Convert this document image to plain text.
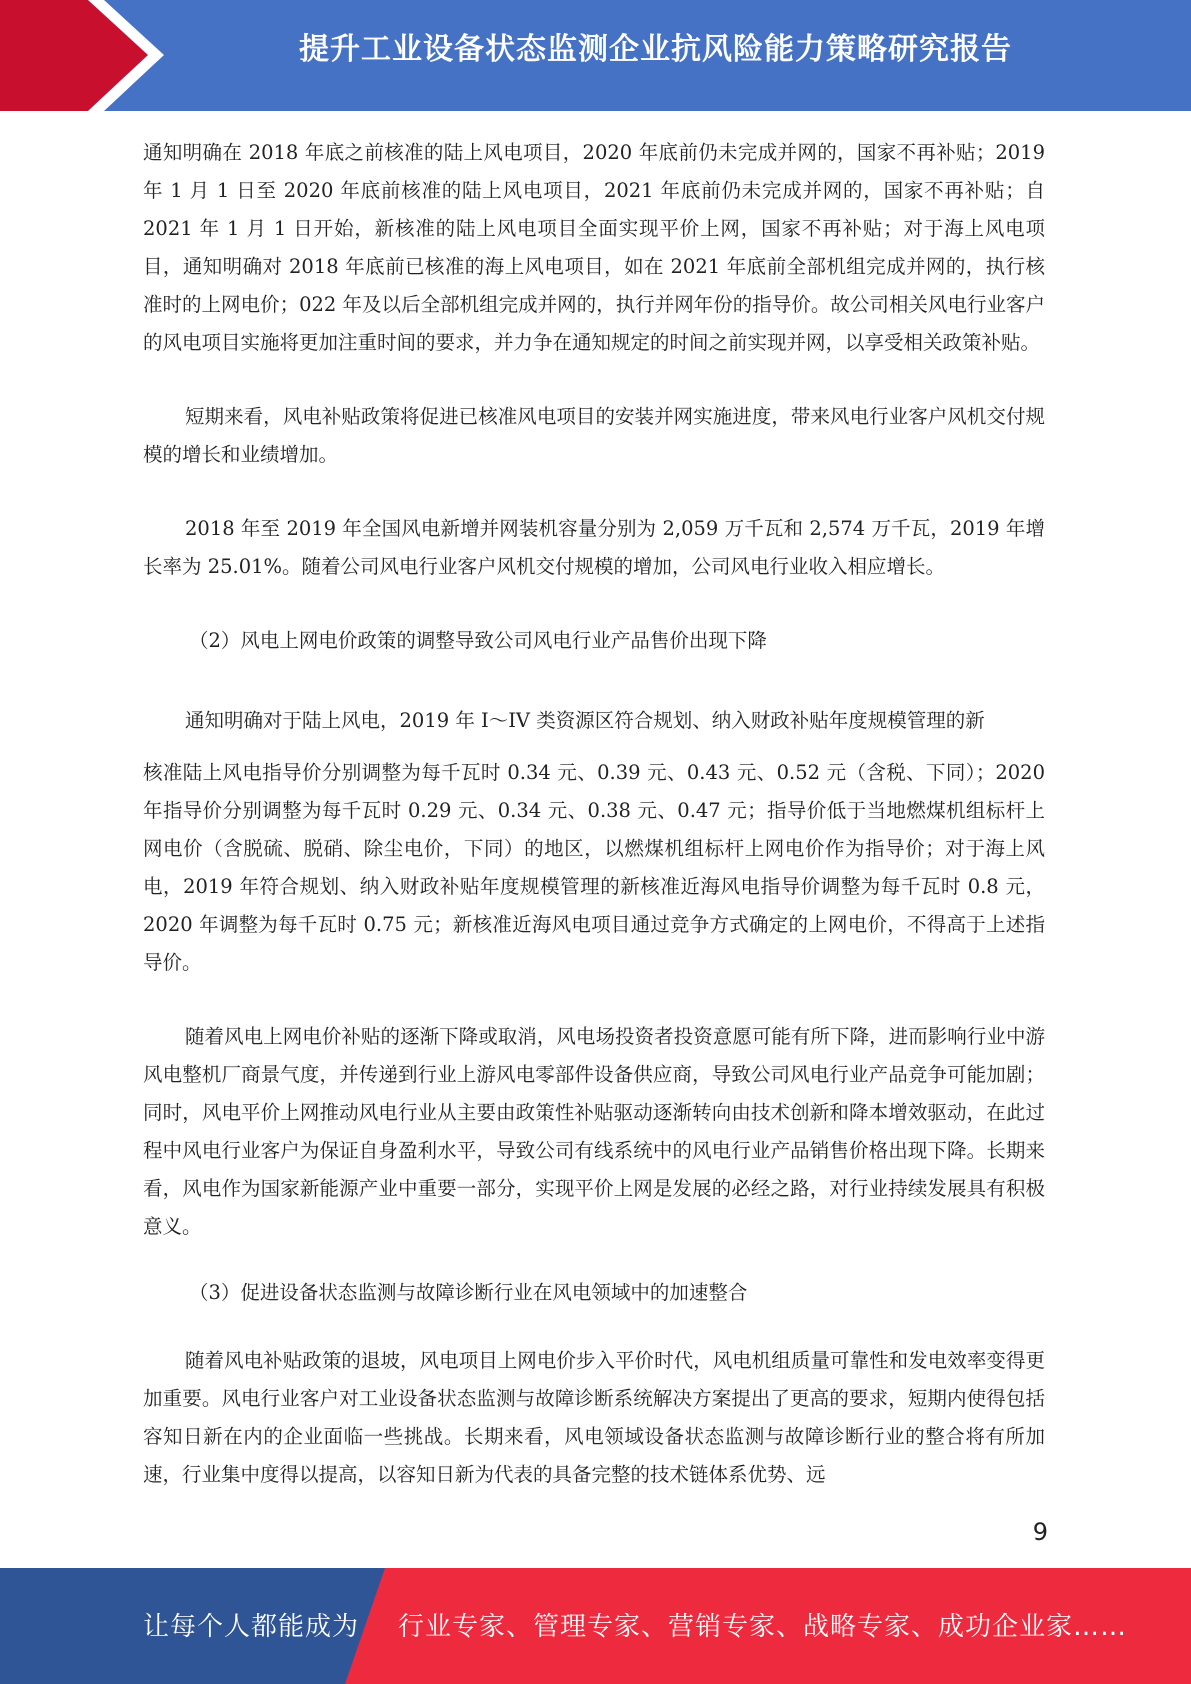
提升工业设备状态监测企业抗风险能力策略研究报告

通知明确在 2018 年底之前核准的陆上风电项目，2020 年底前仍未完成并网的，国家不再补贴；2019 年 1 月 1 日至 2020 年底前核准的陆上风电项目，2021 年底前仍未完成并网的，国家不再补贴；自 2021 年 1 月 1 日开始，新核准的陆上风电项目全面实现平价上网，国家不再补贴；对于海上风电项目，通知明确对 2018 年底前已核准的海上风电项目，如在 2021 年底前全部机组完成并网的，执行核准时的上网电价；022 年及以后全部机组完成并网的，执行并网年份的指导价。故公司相关风电行业客户的风电项目实施将更加注重时间的要求，并力争在通知规定的时间之前实现并网，以享受相关政策补贴。

短期来看，风电补贴政策将促进已核准风电项目的安装并网实施进度，带来风电行业客户风机交付规模的增长和业绩增加。

2018 年至 2019 年全国风电新增并网装机容量分别为 2,059 万千瓦和 2,574 万千瓦，2019 年增长率为 25.01%。随着公司风电行业客户风机交付规模的增加，公司风电行业收入相应增长。

（2）风电上网电价政策的调整导致公司风电行业产品售价出现下降

通知明确对于陆上风电，2019 年 I～IV 类资源区符合规划、纳入财政补贴年度规模管理的新

核准陆上风电指导价分别调整为每千瓦时 0.34 元、0.39 元、0.43 元、0.52 元（含税、下同）；2020 年指导价分别调整为每千瓦时 0.29 元、0.34 元、0.38 元、0.47 元；指导价低于当地燃煤机组标杆上网电价（含脱硫、脱硝、除尘电价，下同）的地区，以燃煤机组标杆上网电价作为指导价；对于海上风电，2019 年符合规划、纳入财政补贴年度规模管理的新核准近海风电指导价调整为每千瓦时 0.8 元，2020 年调整为每千瓦时 0.75 元；新核准近海风电项目通过竞争方式确定的上网电价，不得高于上述指导价。

随着风电上网电价补贴的逐渐下降或取消，风电场投资者投资意愿可能有所下降，进而影响行业中游风电整机厂商景气度，并传递到行业上游风电零部件设备供应商，导致公司风电行业产品竞争可能加剧；同时，风电平价上网推动风电行业从主要由政策性补贴驱动逐渐转向由技术创新和降本增效驱动，在此过程中风电行业客户为保证自身盈利水平，导致公司有线系统中的风电行业产品销售价格出现下降。长期来看，风电作为国家新能源产业中重要一部分，实现平价上网是发展的必经之路，对行业持续发展具有积极意义。

（3）促进设备状态监测与故障诊断行业在风电领域中的加速整合

随着风电补贴政策的退坡，风电项目上网电价步入平价时代，风电机组质量可靠性和发电效率变得更加重要。风电行业客户对工业设备状态监测与故障诊断系统解决方案提出了更高的要求，短期内使得包括容知日新在内的企业面临一些挑战。长期来看，风电领域设备状态监测与故障诊断行业的整合将有所加速，行业集中度得以提高，以容知日新为代表的具备完整的技术链体系优势、远

9
让每个人都能成为 行业专家、管理专家、营销专家、战略专家、成功企业家……
